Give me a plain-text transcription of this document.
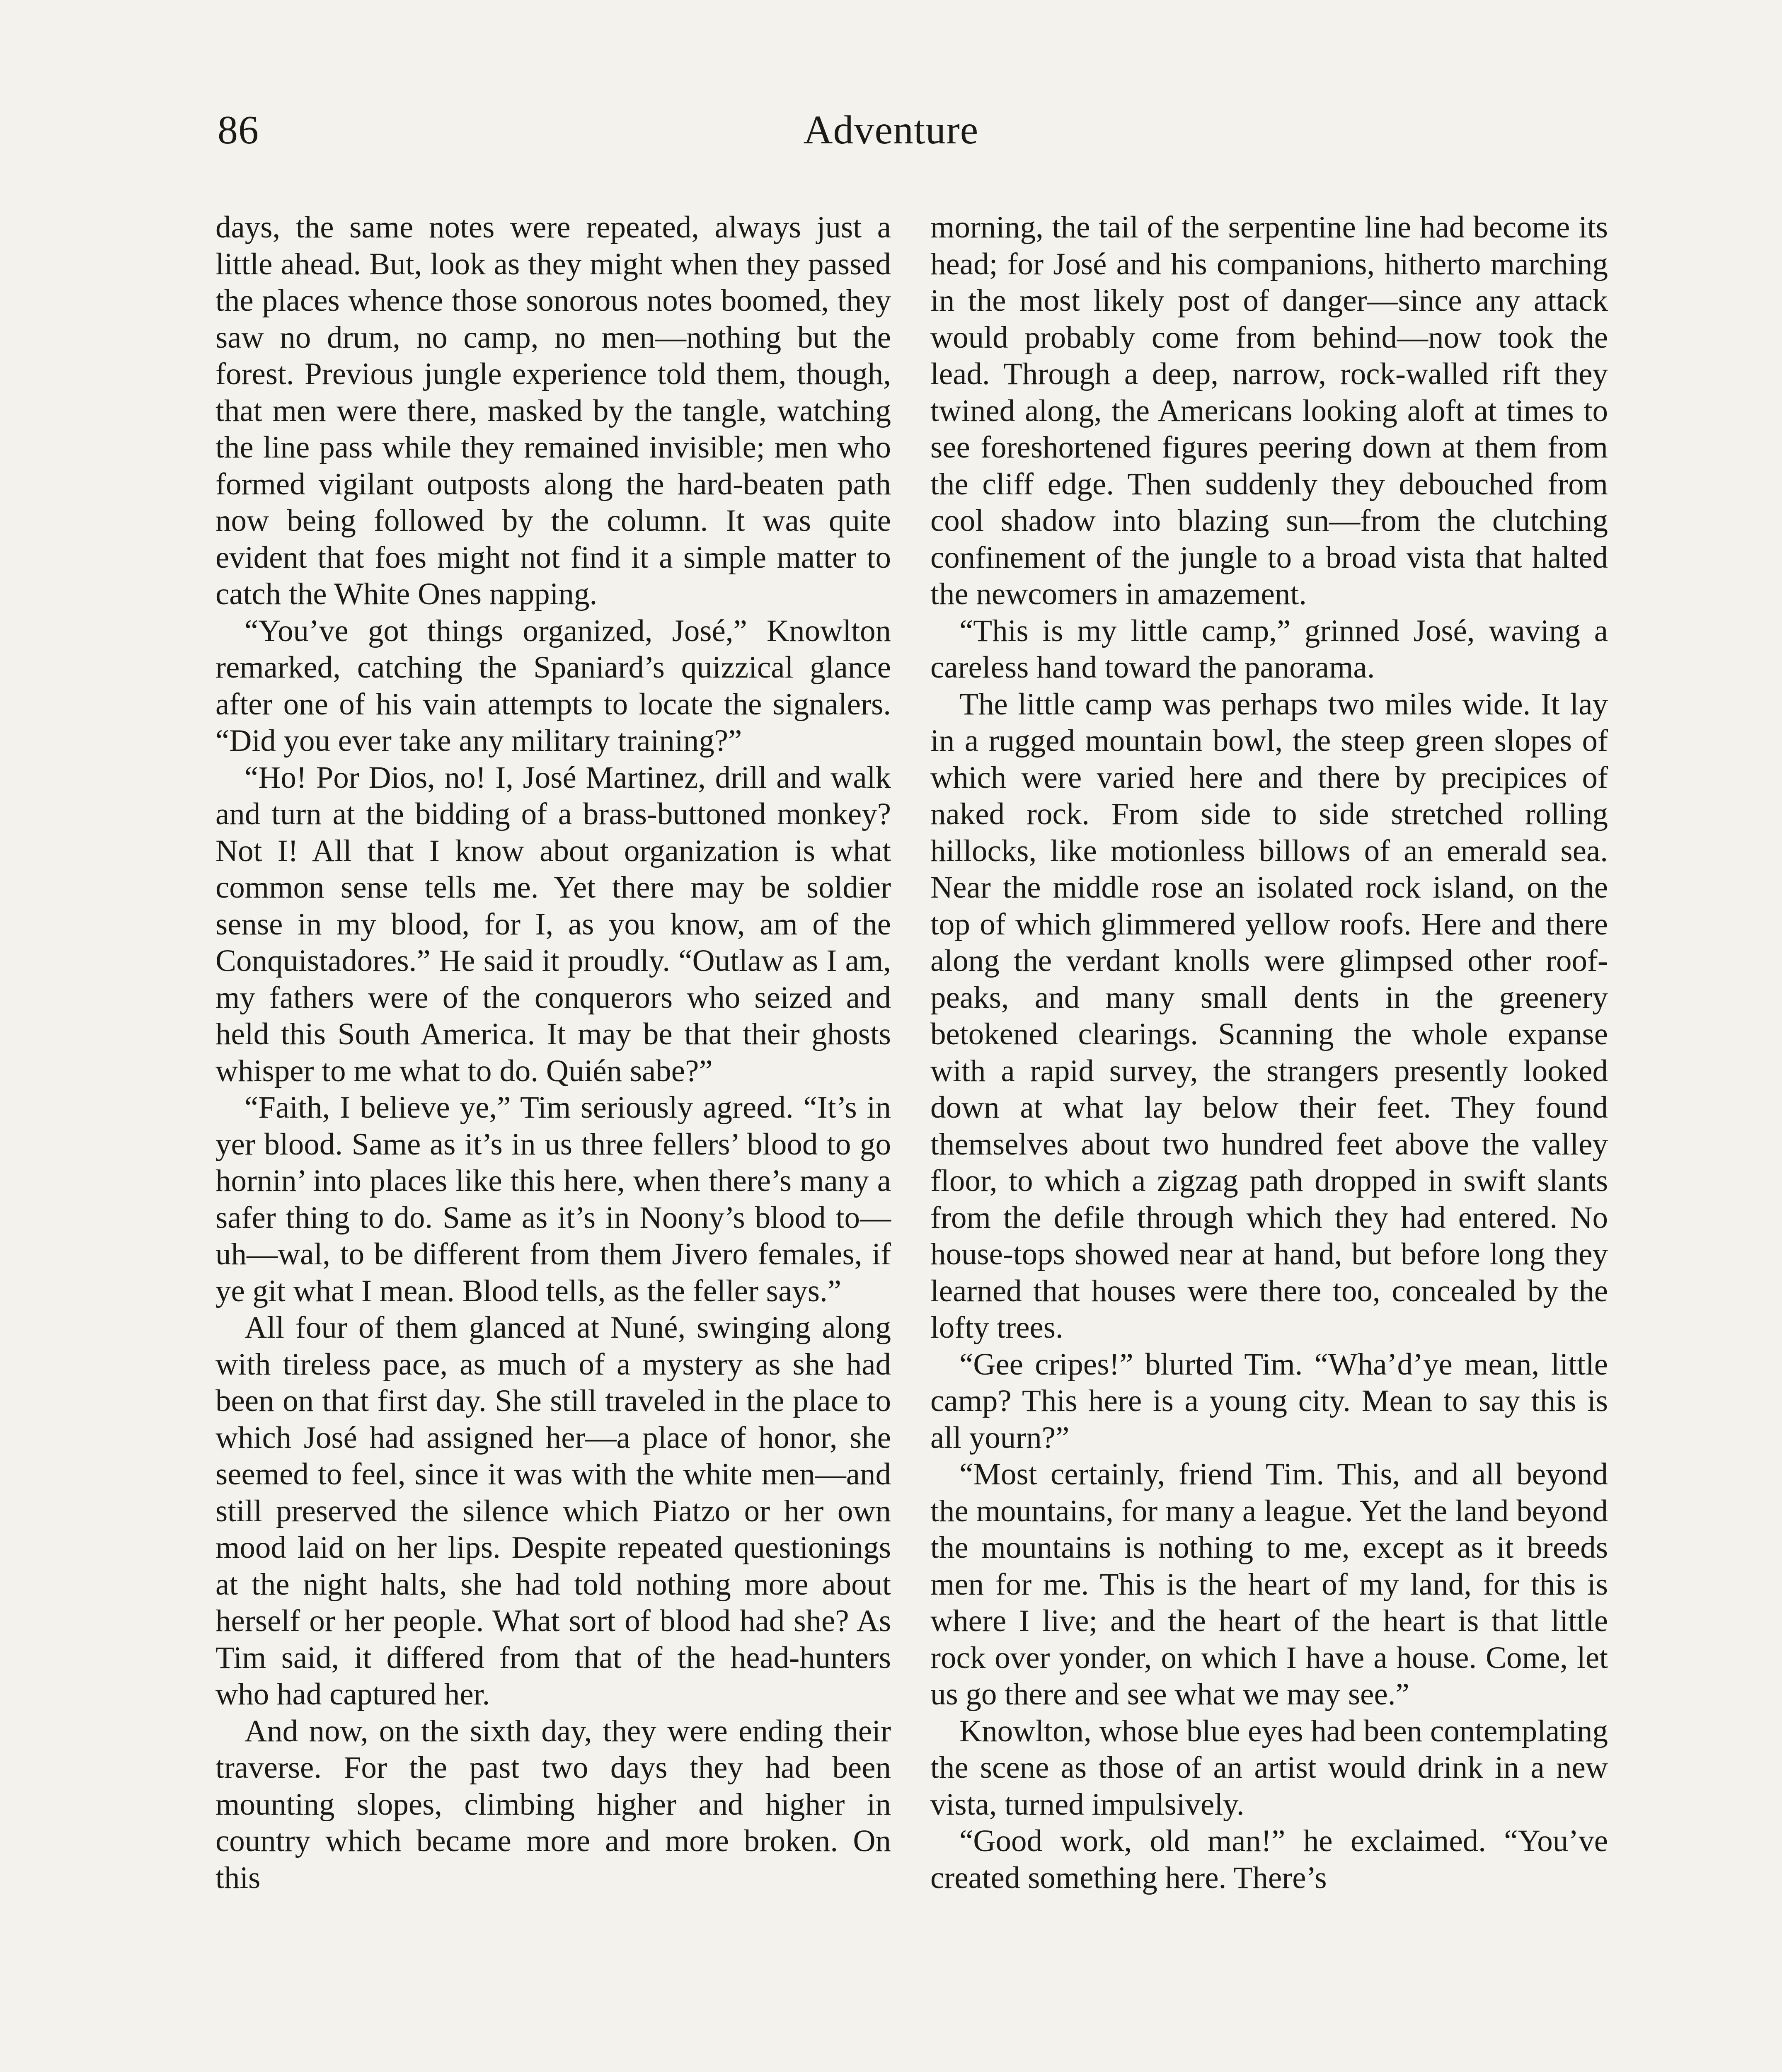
86	Adventure

days, the same notes were repeated, always just a little ahead. But, look as they might when they passed the places whence those sonorous notes boomed, they saw no drum, no camp, no men—nothing but the forest. Previous jungle experience told them, though, that men were there, masked by the tangle, watching the line pass while they remained invisible; men who formed vigilant outposts along the hard-beaten path now being followed by the column. It was quite evident that foes might not find it a simple matter to catch the White Ones napping.

“You’ve got things organized, José,” Knowlton remarked, catching the Spaniard’s quizzical glance after one of his vain attempts to locate the signalers. “Did you ever take any military training?”

“Ho! Por Dios, no! I, José Martinez, drill and walk and turn at the bidding of a brass-buttoned monkey? Not I! All that I know about organization is what common sense tells me. Yet there may be soldier sense in my blood, for I, as you know, am of the Conquistadores.” He said it proudly. “Outlaw as I am, my fathers were of the conquerors who seized and held this South America. It may be that their ghosts whisper to me what to do. Quién sabe?”

“Faith, I believe ye,” Tim seriously agreed. “It’s in yer blood. Same as it’s in us three fellers’ blood to go hornin’ into places like this here, when there’s many a safer thing to do. Same as it’s in Noony’s blood to—uh—wal, to be different from them Jivero females, if ye git what I mean. Blood tells, as the feller says.”

All four of them glanced at Nuné, swinging along with tireless pace, as much of a mystery as she had been on that first day. She still traveled in the place to which José had assigned her—a place of honor, she seemed to feel, since it was with the white men—and still preserved the silence which Piatzo or her own mood laid on her lips. Despite repeated questionings at the night halts, she had told nothing more about herself or her people. What sort of blood had she? As Tim said, it differed from that of the head-hunters who had captured her.

And now, on the sixth day, they were ending their traverse. For the past two days they had been mounting slopes, climbing higher and higher in country which became more and more broken. On this

morning, the tail of the serpentine line had become its head; for José and his companions, hitherto marching in the most likely post of danger—since any attack would probably come from behind—now took the lead. Through a deep, narrow, rock-walled rift they twined along, the Americans looking aloft at times to see foreshortened figures peering down at them from the cliff edge. Then suddenly they debouched from cool shadow into blazing sun—from the clutching confinement of the jungle to a broad vista that halted the newcomers in amazement.

“This is my little camp,” grinned José, waving a careless hand toward the panorama.

The little camp was perhaps two miles wide. It lay in a rugged mountain bowl, the steep green slopes of which were varied here and there by precipices of naked rock. From side to side stretched rolling hillocks, like motionless billows of an emerald sea. Near the middle rose an isolated rock island, on the top of which glimmered yellow roofs. Here and there along the verdant knolls were glimpsed other roof-peaks, and many small dents in the greenery betokened clearings. Scanning the whole expanse with a rapid survey, the strangers presently looked down at what lay below their feet. They found themselves about two hundred feet above the valley floor, to which a zigzag path dropped in swift slants from the defile through which they had entered. No house-tops showed near at hand, but before long they learned that houses were there too, concealed by the lofty trees.

“Gee cripes!” blurted Tim. “Wha’d’ye mean, little camp? This here is a young city. Mean to say this is all yourn?”

“Most certainly, friend Tim. This, and all beyond the mountains, for many a league. Yet the land beyond the mountains is nothing to me, except as it breeds men for me. This is the heart of my land, for this is where I live; and the heart of the heart is that little rock over yonder, on which I have a house. Come, let us go there and see what we may see.”

Knowlton, whose blue eyes had been contemplating the scene as those of an artist would drink in a new vista, turned impulsively.

“Good work, old man!” he exclaimed. “You’ve created something here. There’s
